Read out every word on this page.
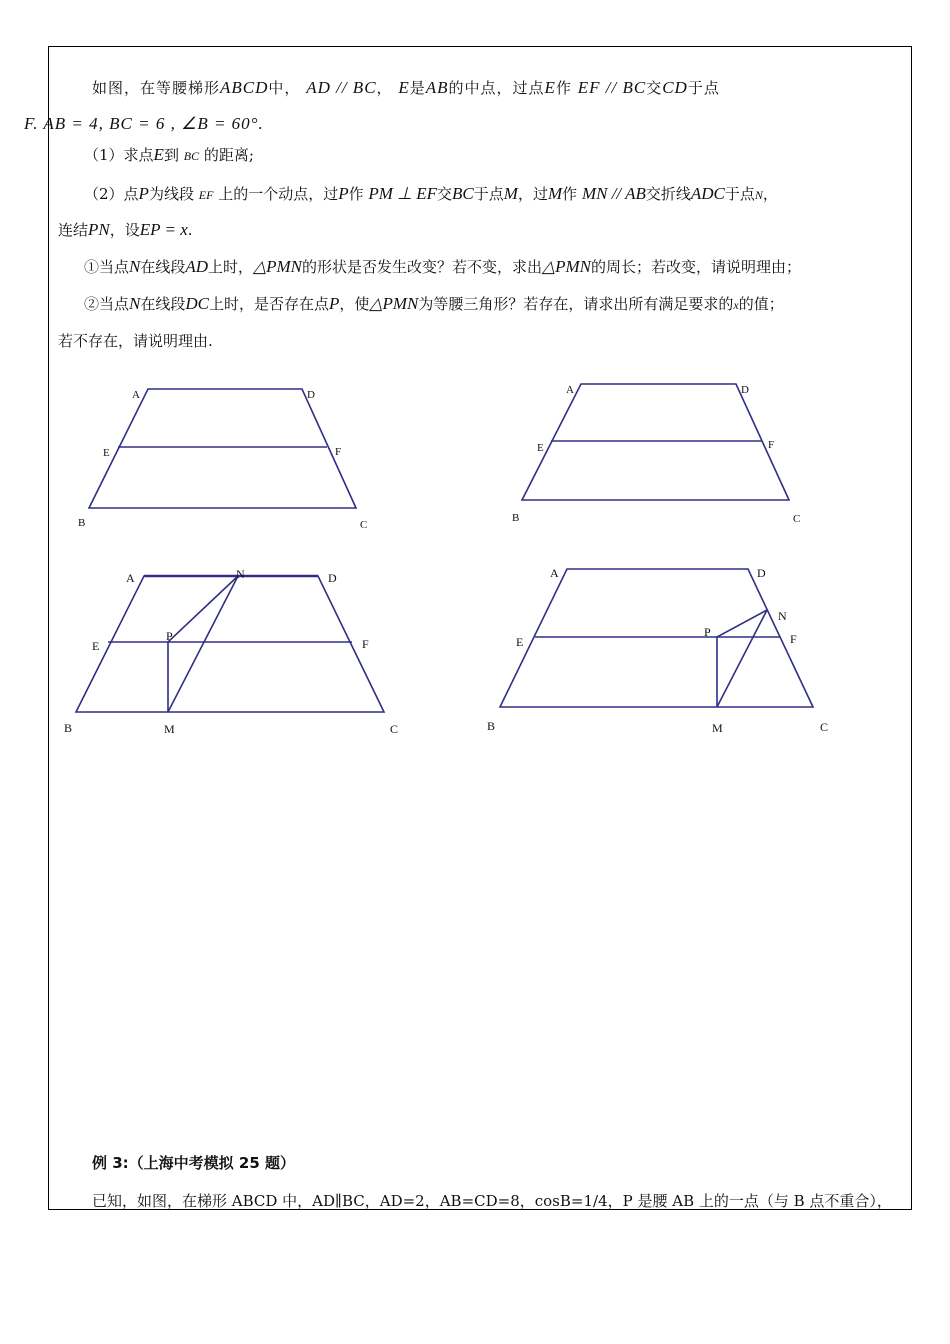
如图，在等腰梯形ABCD中， AD // BC， E是AB的中点，过点E作 EF // BC交CD于点
F. AB = 4, BC = 6 , ∠B = 60°.
（1）求点E到 BC 的距离;
（2）点P为线段 EF 上的一个动点，过P作 PM ⊥ EF交BC于点M，过M作 MN // AB交折线ADC于点N，
连结PN，设EP = x.
①当点N在线段AD上时，△PMN的形状是否发生改变？若不变，求出△PMN的周长；若改变，请说明理由；
②当点N在线段DC上时，是否存在点P，使△PMN为等腰三角形？若存在，请求出所有满足要求的x的值；
若不存在，请说明理由.
A	D
E	F
B	C
A	D
E	F
B	C
A	D
N
P
E	F
B	M	C
A	D
N
P	F
E
B	M	C
例 3:（上海中考模拟 25 题）
已知，如图，在梯形 ABCD 中，AD∥BC，AD=2，AB=CD=8，cosB=1/4，P 是腰 AB 上的一点（与 B 点不重合），
